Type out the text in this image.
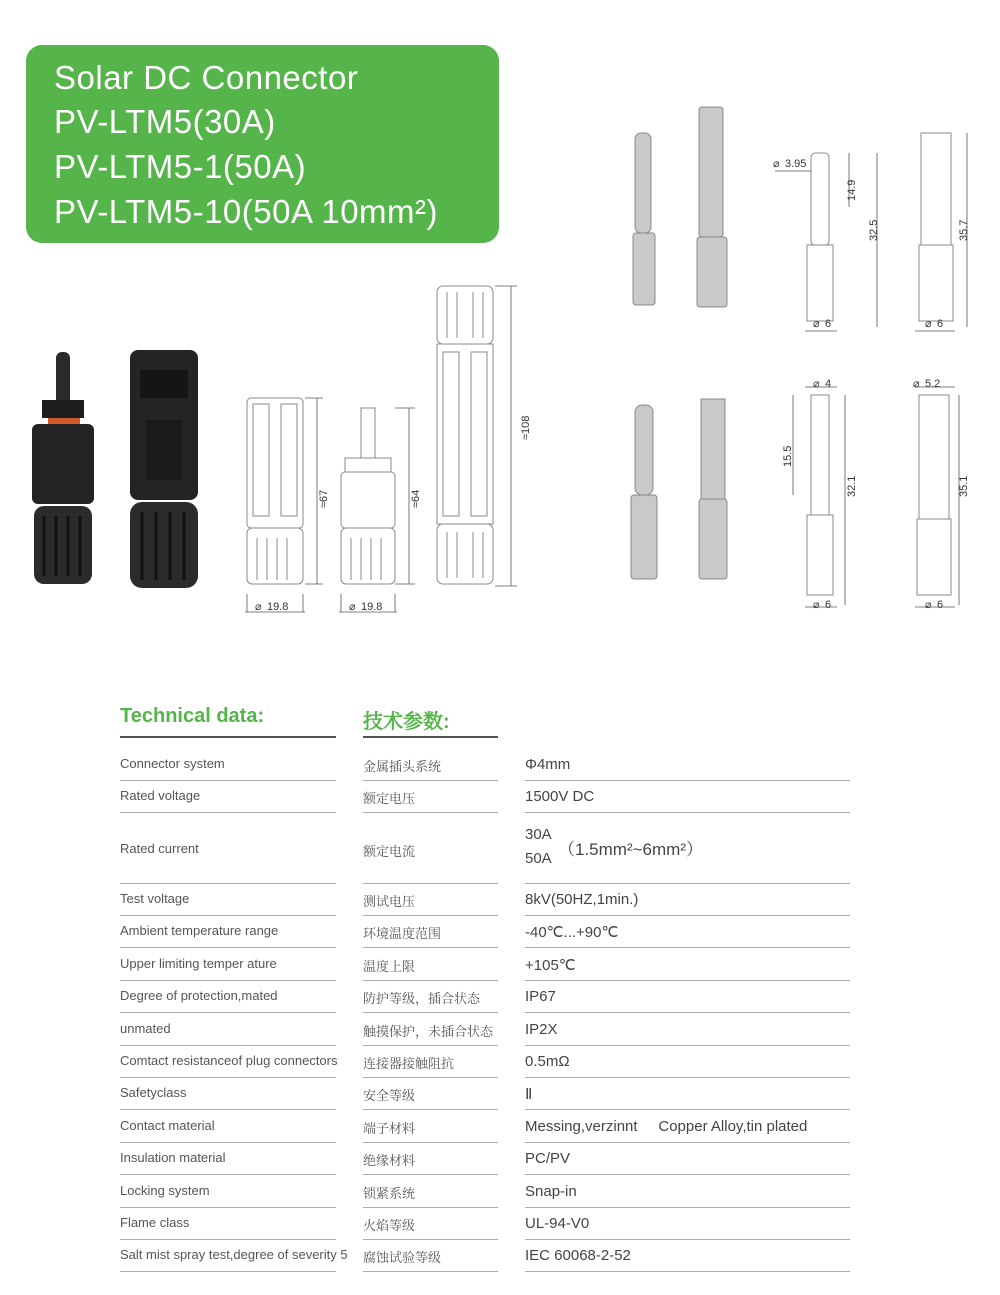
Solar DC Connector
PV-LTM5(30A)
PV-LTM5-1(50A)
PV-LTM5-10(50A 10mm²)
⌀ 19.8	⌀ 19.8
≈67	≈64
≈108
⌀ 3.95
14.9
32.5	35.7
⌀ 6	⌀ 6
⌀ 4	⌀ 5.2
15.5
32.1	35.1
⌀ 6	⌀ 6
Technical data:	技术参数:
Connector system	金属插头系统	Φ4mm
Rated voltage	额定电压	1500V DC
Rated current	额定电流
30A
50A （1.5mm²~6mm²）
Test voltage	测试电压	8kV(50HZ,1min.)
Ambient temperature range	环境温度范围	-40℃...+90℃
Upper limiting temper ature	温度上限	+105℃
Degree of protection,mated	防护等级，插合状态	IP67
unmated	触摸保护，未插合状态 IP2X
Comtact resistanceof plug connectors 连接器接触阻抗	0.5mΩ
Safetyclass	安全等级	Ⅱ
Contact material	端子材料	Messing,verzinnt     Copper Alloy,tin plated
Insulation material	绝缘材料	PC/PV
Locking system	锁紧系统	Snap-in
Flame class	火焰等级	UL-94-V0
Salt mist spray test,degree of severity 5 腐蚀试验等级	IEC 60068-2-52
